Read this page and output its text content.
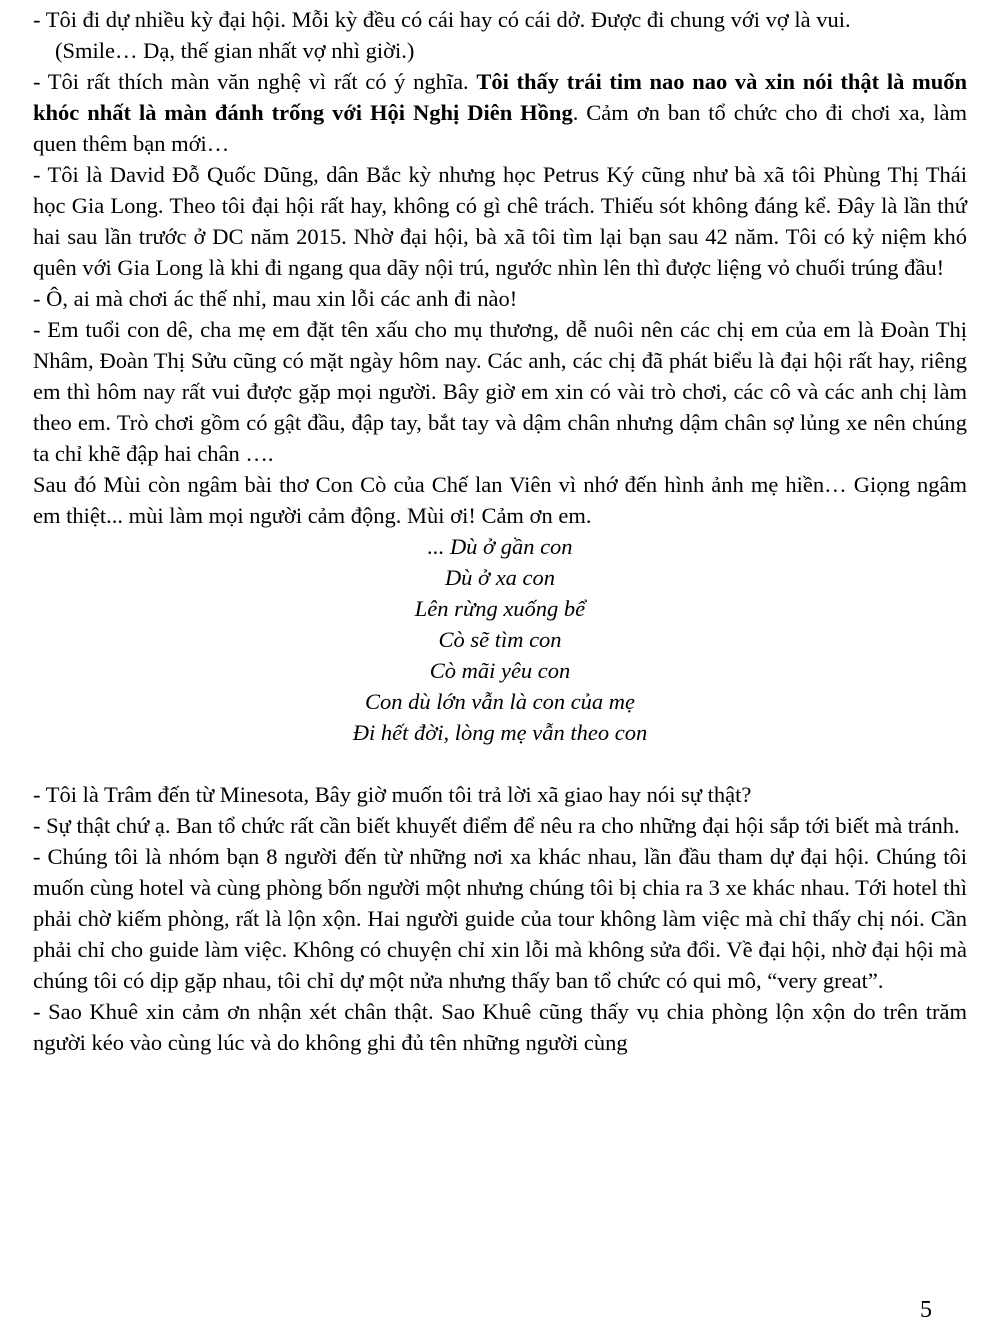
- Tôi đi dự nhiều kỳ đại hội. Mỗi kỳ đều có cái hay có cái dở. Được đi chung với vợ là vui.

(Smile… Dạ, thế gian nhất vợ nhì giời.)

- Tôi rất thích màn văn nghệ vì rất có ý nghĩa. Tôi thấy trái tim nao nao và xin nói thật là muốn khóc nhất là màn đánh trống với Hội Nghị Diên Hồng. Cảm ơn ban tổ chức cho đi chơi xa, làm quen thêm bạn mới…

- Tôi là David Đỗ Quốc Dũng, dân Bắc kỳ nhưng học Petrus Ký cũng như bà xã tôi Phùng Thị Thái học Gia Long. Theo tôi đại hội rất hay, không có gì chê trách. Thiếu sót không đáng kể. Đây là lần thứ hai sau lần trước ở DC năm 2015. Nhờ đại hội, bà xã tôi tìm lại bạn sau 42 năm. Tôi có kỷ niệm khó quên với Gia Long là khi đi ngang qua dãy nội trú, ngước nhìn lên thì được liệng vỏ chuối trúng đầu!

- Ô, ai mà chơi ác thế nhỉ, mau xin lỗi các anh đi nào!

- Em tuổi con dê, cha mẹ em đặt tên xấu cho mụ thương, dễ nuôi nên các chị em của em là Đoàn Thị Nhâm, Đoàn Thị Sửu cũng có mặt ngày hôm nay. Các anh, các chị đã phát biểu là đại hội rất hay, riêng em thì hôm nay rất vui được gặp mọi người. Bây giờ em xin có vài trò chơi, các cô và các anh chị làm theo em. Trò chơi gồm có gật đầu, đập tay, bắt tay và dậm chân nhưng dậm chân sợ lủng xe nên chúng ta chỉ khẽ đập hai chân ….

Sau đó Mùi còn ngâm bài thơ Con Cò của Chế lan Viên vì nhớ đến hình ảnh mẹ hiền… Giọng ngâm em thiệt... mùi làm mọi người cảm động. Mùi ơi! Cảm ơn em.

... Dù ở gần con
Dù ở xa con
Lên rừng xuống bể
Cò sẽ tìm con
Cò mãi yêu con
Con dù lớn vẫn là con của mẹ
Đi hết đời, lòng mẹ vẫn theo con

- Tôi là Trâm đến từ Minesota, Bây giờ muốn tôi trả lời xã giao hay nói sự thật?

- Sự thật chứ ạ. Ban tổ chức rất cần biết khuyết điểm để nêu ra cho những đại hội sắp tới biết mà tránh.

- Chúng tôi là nhóm bạn 8 người đến từ những nơi xa khác nhau, lần đầu tham dự đại hội. Chúng tôi muốn cùng hotel và cùng phòng bốn người một nhưng chúng tôi bị chia ra 3 xe khác nhau. Tới hotel thì phải chờ kiếm phòng, rất là lộn xộn. Hai người guide của tour không làm việc mà chỉ thấy chị nói. Cần phải chỉ cho guide làm việc. Không có chuyện chỉ xin lỗi mà không sửa đổi. Về đại hội, nhờ đại hội mà chúng tôi có dịp gặp nhau, tôi chỉ dự một nửa nhưng thấy ban tổ chức có qui mô, “very great”.

- Sao Khuê xin cảm ơn nhận xét chân thật. Sao Khuê cũng thấy vụ chia phòng lộn xộn do trên trăm người kéo vào cùng lúc và do không ghi đủ tên những người cùng

5
